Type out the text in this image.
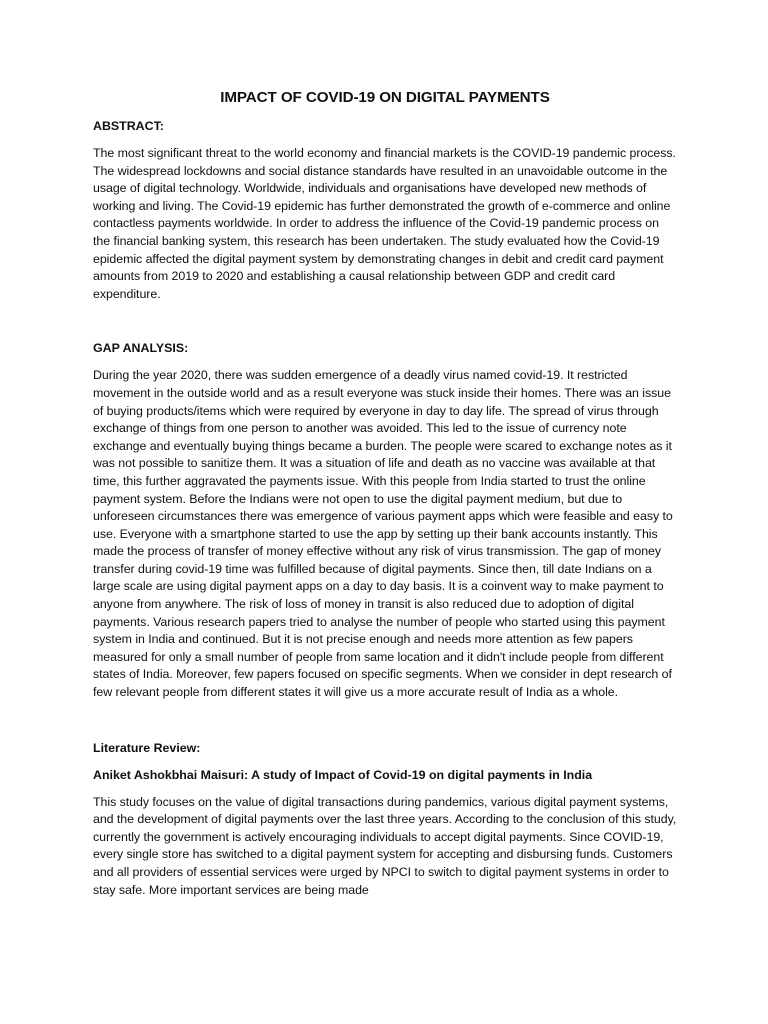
IMPACT OF COVID-19 ON DIGITAL PAYMENTS
ABSTRACT:

The most significant threat to the world economy and financial markets is the COVID-19 pandemic process. The widespread lockdowns and social distance standards have resulted in an unavoidable outcome in the usage of digital technology. Worldwide, individuals and organisations have developed new methods of working and living. The Covid-19 epidemic has further demonstrated the growth of e-commerce and online contactless payments worldwide. In order to address the influence of the Covid-19 pandemic process on the financial banking system, this research has been undertaken. The study evaluated how the Covid-19 epidemic affected the digital payment system by demonstrating changes in debit and credit card payment amounts from 2019 to 2020 and establishing a causal relationship between GDP and credit card expenditure.

GAP ANALYSIS:

During the year 2020, there was sudden emergence of a deadly virus named covid-19. It restricted movement in the outside world and as a result everyone was stuck inside their homes. There was an issue of buying products/items which were required by everyone in day to day life. The spread of virus through exchange of things from one person to another was avoided. This led to the issue of currency note exchange and eventually buying things became a burden. The people were scared to exchange notes as it was not possible to sanitize them. It was a situation of life and death as no vaccine was available at that time, this further aggravated the payments issue. With this people from India started to trust the online payment system. Before the Indians were not open to use the digital payment medium, but due to unforeseen circumstances there was emergence of various payment apps which were feasible and easy to use. Everyone with a smartphone started to use the app by setting up their bank accounts instantly. This made the process of transfer of money effective without any risk of virus transmission. The gap of money transfer during covid-19 time was fulfilled because of digital payments. Since then, till date Indians on a large scale are using digital payment apps on a day to day basis. It is a coinvent way to make payment to anyone from anywhere. The risk of loss of money in transit is also reduced due to adoption of digital payments. Various research papers tried to analyse the number of people who started using this payment system in India and continued. But it is not precise enough and needs more attention as few papers measured for only a small number of people from same location and it didn't include people from different states of India. Moreover, few papers focused on specific segments. When we consider in dept research of few relevant people from different states it will give us a more accurate result of India as a whole.

Literature Review:
Aniket Ashokbhai Maisuri: A study of Impact of Covid-19 on digital payments in India

This study focuses on the value of digital transactions during pandemics, various digital payment systems, and the development of digital payments over the last three years. According to the conclusion of this study, currently the government is actively encouraging individuals to accept digital payments. Since COVID-19, every single store has switched to a digital payment system for accepting and disbursing funds. Customers and all providers of essential services were urged by NPCI to switch to digital payment systems in order to stay safe. More important services are being made
